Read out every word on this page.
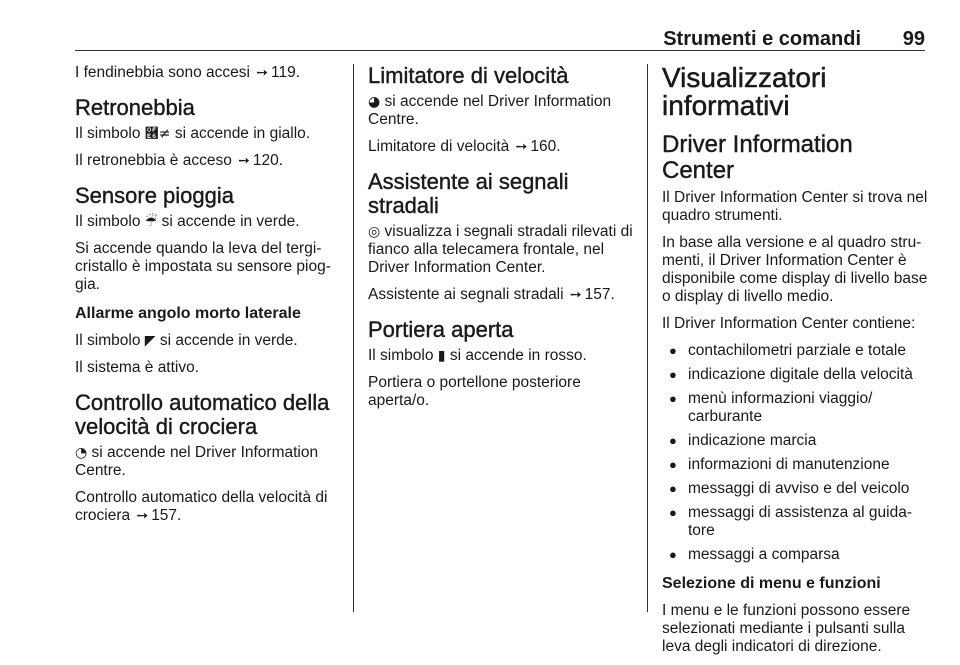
Strumenti e comandi 99

I fendinebbia sono accesi ➙ 119.

Retronebbia

Il simbolo ࿦≠ si accende in giallo.

Il retronebbia è acceso ➙ 120.

Sensore pioggia

Il simbolo ☔ si accende in verde.

Si accende quando la leva del tergi-cristallo è impostata su sensore piog-gia.

Allarme angolo morto laterale

Il simbolo ◤ si accende in verde.

Il sistema è attivo.

Controllo automatico della velocità di crociera

◔ si accende nel Driver Information Centre.

Controllo automatico della velocità di crociera ➙ 157.

Limitatore di velocità

◕ si accende nel Driver Information Centre.

Limitatore di velocità ➙ 160.

Assistente ai segnali stradali

◎ visualizza i segnali stradali rilevati di fianco alla telecamera frontale, nel Driver Information Center.

Assistente ai segnali stradali ➙ 157.

Portiera aperta

Il simbolo ▮ si accende in rosso.

Portiera o portellone posteriore aperta/o.

Visualizzatori informativi
Driver Information Center

Il Driver Information Center si trova nel quadro strumenti.

In base alla versione e al quadro stru-menti, il Driver Information Center è disponibile come display di livello base o display di livello medio.

Il Driver Information Center contiene:

● contachilometri parziale e totale
● indicazione digitale della velocità
● menù informazioni viaggio/ carburante
● indicazione marcia
● informazioni di manutenzione
● messaggi di avviso e del veicolo
● messaggi di assistenza al guida-tore
● messaggi a comparsa
Selezione di menu e funzioni

I menu e le funzioni possono essere selezionati mediante i pulsanti sulla leva degli indicatori di direzione.
